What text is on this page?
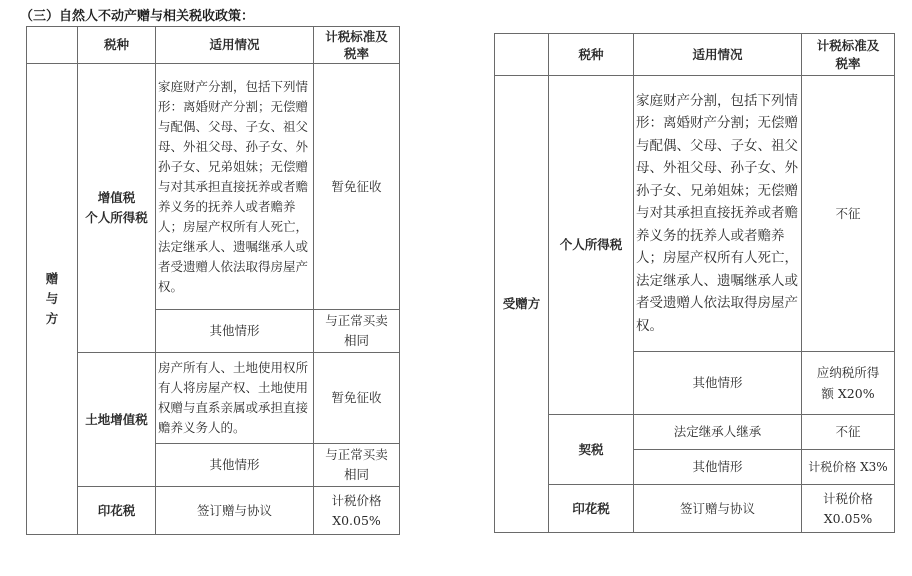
（三）自然人不动产赠与相关税收政策：
	税种	适用情况	计税标准及
税率
赠
与
方	增值税
个人所得税	家庭财产分割，包括下列情形：离婚财产分割；无偿赠与配偶、父母、子女、祖父母、外祖父母、孙子女、外孙子女、兄弟姐妹；无偿赠与对其承担直接抚养或者赡养义务的抚养人或者赡养人；房屋产权所有人死亡，法定继承人、遗嘱继承人或者受遗赠人依法取得房屋产权。	暂免征收
		其他情形	与正常买卖
相同
	土地增值税	房产所有人、土地使用权所有人将房屋产权、土地使用权赠与直系亲属或承担直接赡养义务人的。	暂免征收
		其他情形	与正常买卖
相同
	印花税	签订赠与协议	计税价格
X0.05%
	税种	适用情况	计税标准及
税率
受赠方	个人所得税	家庭财产分割，包括下列情形：离婚财产分割；无偿赠与配偶、父母、子女、祖父母、外祖父母、孙子女、外孙子女、兄弟姐妹；无偿赠与对其承担直接抚养或者赡养义务的抚养人或者赡养人；房屋产权所有人死亡，法定继承人、遗嘱继承人或者受遗赠人依法取得房屋产权。	不征
		其他情形	应纳税所得
额 X20%
	契税	法定继承人继承	不征
		其他情形	计税价格 X3%
	印花税	签订赠与协议	计税价格
X0.05%
